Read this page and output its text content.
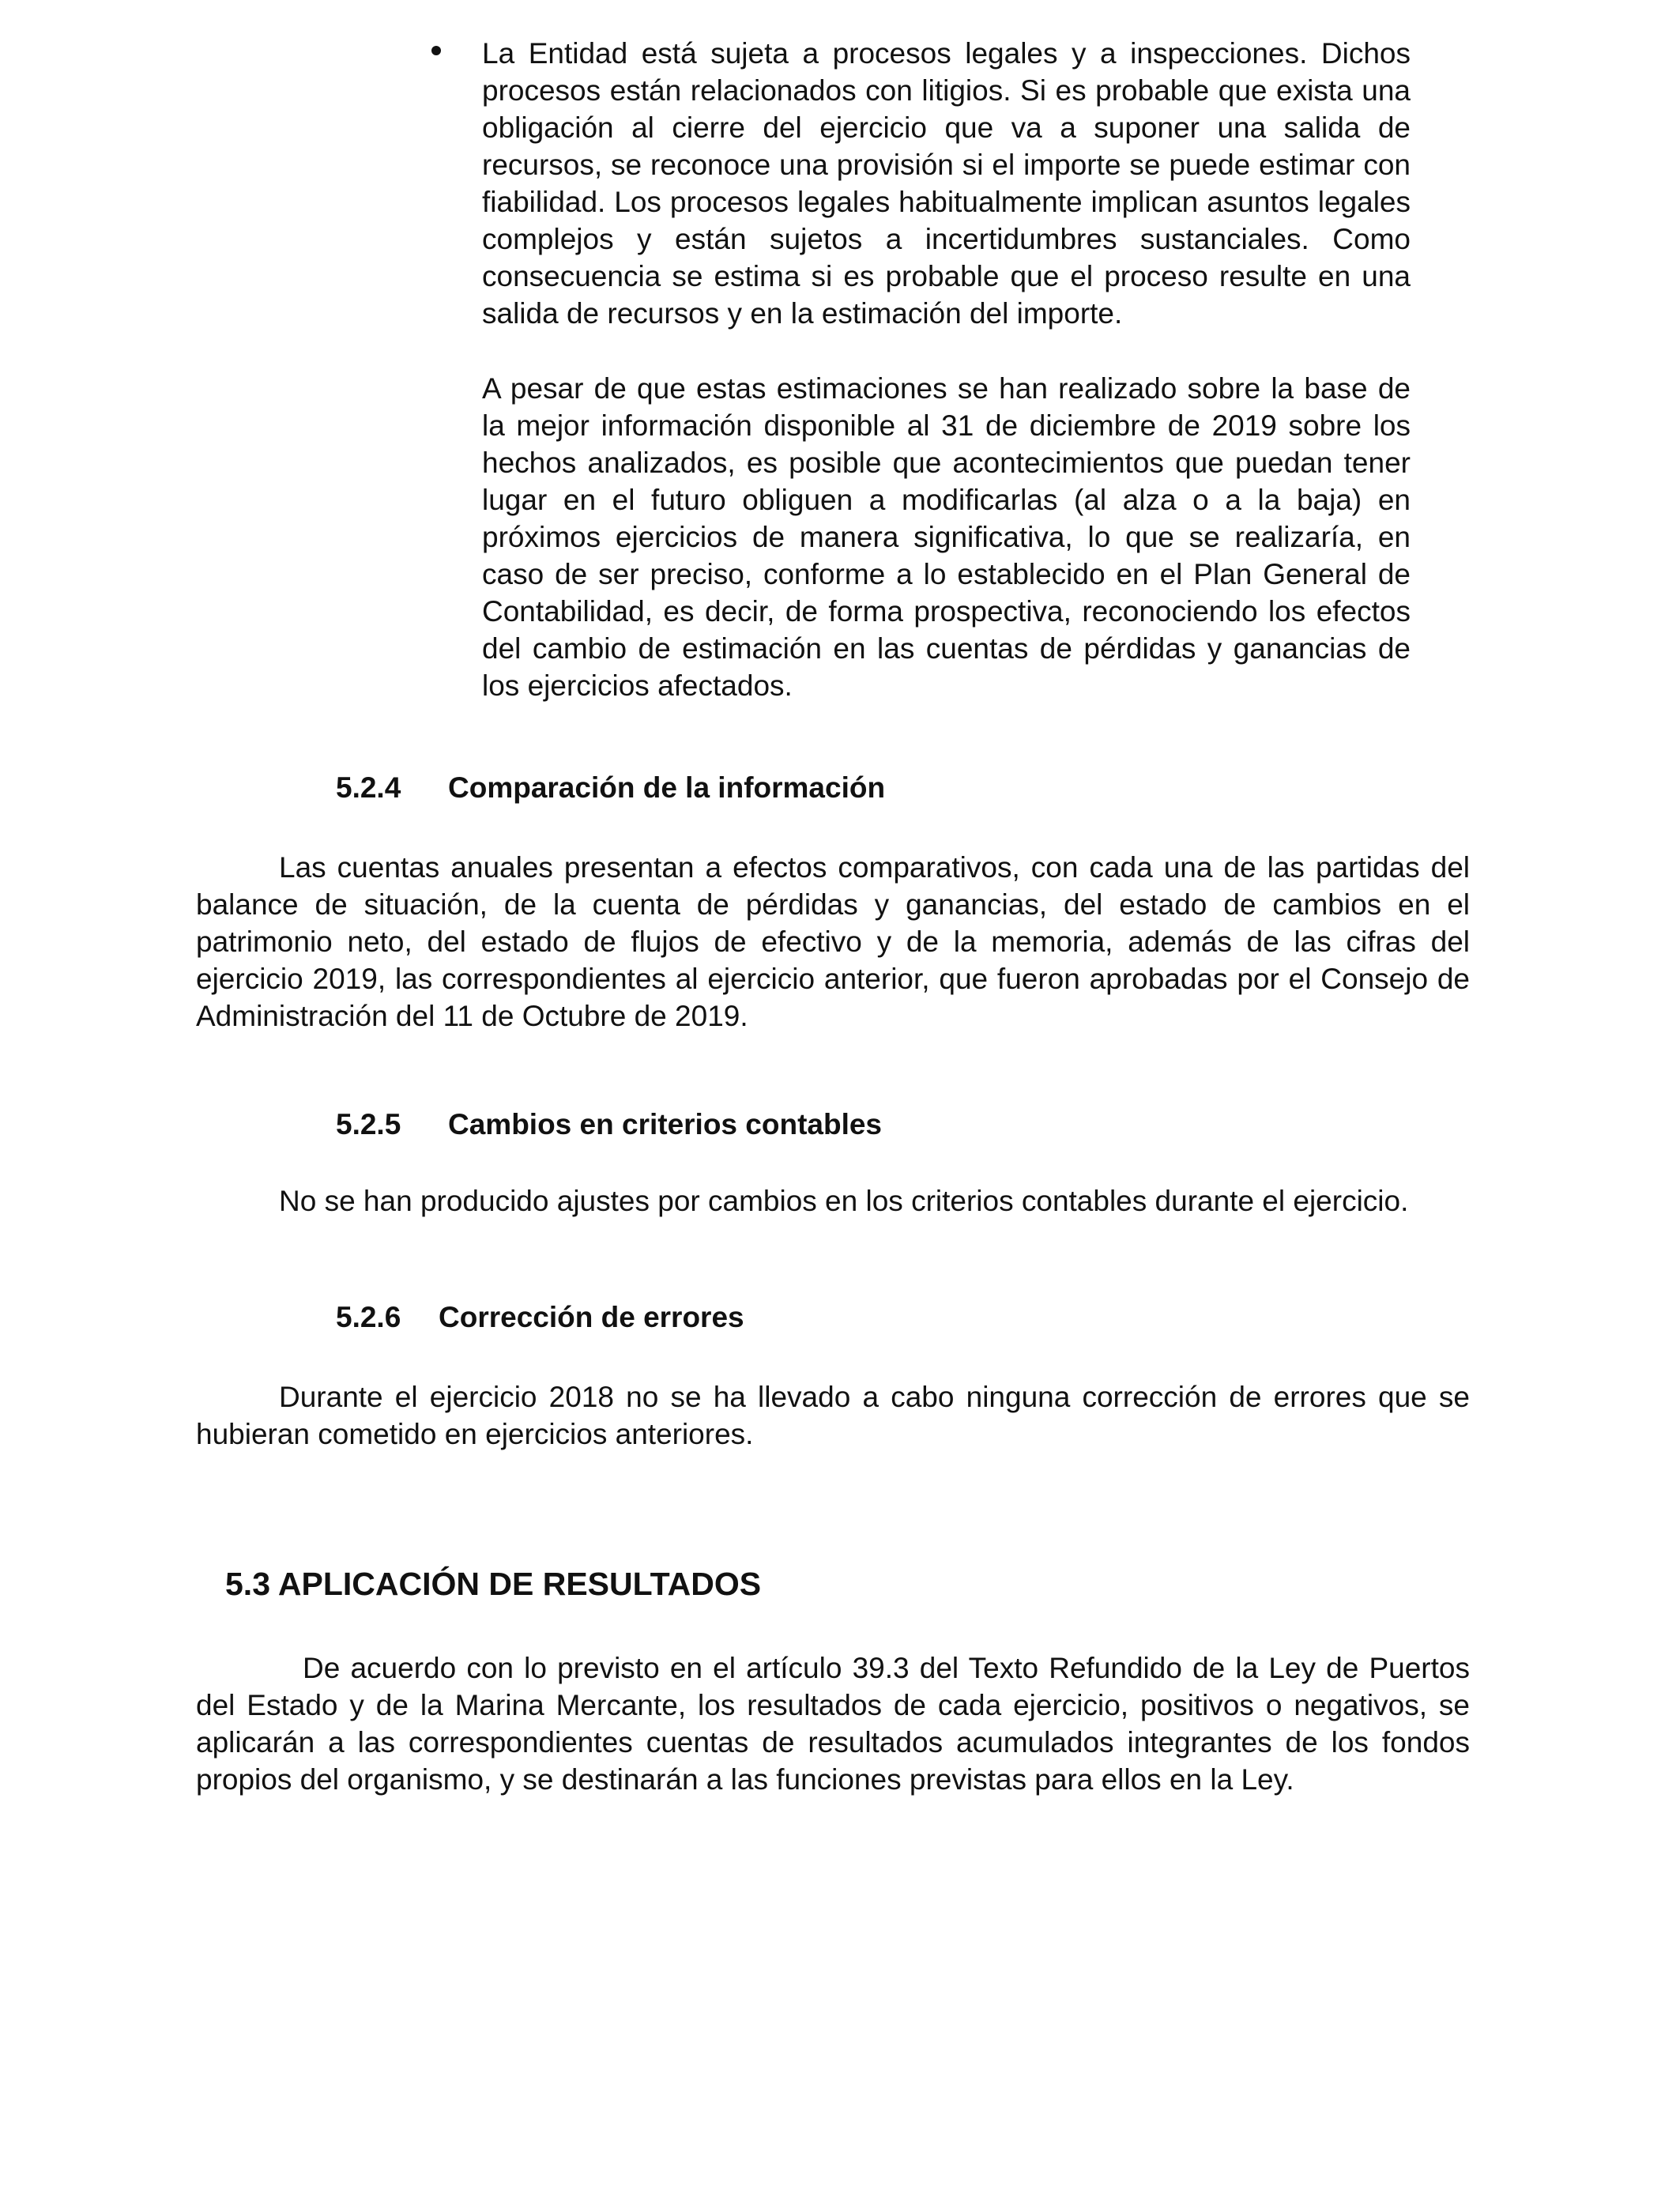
La Entidad está sujeta a procesos legales y a inspecciones. Dichos procesos están relacionados con litigios. Si es probable que exista una obligación al cierre del ejercicio que va a suponer una salida de recursos, se reconoce una provisión si el importe se puede estimar con fiabilidad. Los procesos legales habitualmente implican asuntos legales complejos y están sujetos a incertidumbres sustanciales. Como consecuencia se estima si es probable que el proceso resulte en una salida de recursos y en la estimación del importe.

A pesar de que estas estimaciones se han realizado sobre la base de la mejor información disponible al 31 de diciembre de 2019 sobre los hechos analizados, es posible que acontecimientos que puedan tener lugar en el futuro obliguen a modificarlas (al alza o a la baja) en próximos ejercicios de manera significativa, lo que se realizaría, en caso de ser preciso, conforme a lo establecido en el Plan General de Contabilidad, es decir, de forma prospectiva, reconociendo los efectos del cambio de estimación en las cuentas de pérdidas y ganancias de los ejercicios afectados.

5.2.4 Comparación de la información

Las cuentas anuales presentan a efectos comparativos, con cada una de las partidas del balance de situación, de la cuenta de pérdidas y ganancias, del estado de cambios en el patrimonio neto, del estado de flujos de efectivo y de la memoria, además de las cifras del ejercicio 2019, las correspondientes al ejercicio anterior, que fueron aprobadas por el Consejo de Administración del 11 de Octubre de 2019.

5.2.5 Cambios en criterios contables

No se han producido ajustes por cambios en los criterios contables durante el ejercicio.

5.2.6 Corrección de errores

Durante el ejercicio 2018 no se ha llevado a cabo ninguna corrección de errores que se hubieran cometido en ejercicios anteriores.

5.3 APLICACIÓN DE RESULTADOS

De acuerdo con lo previsto en el artículo 39.3 del Texto Refundido de la Ley de Puertos del Estado y de la Marina Mercante, los resultados de cada ejercicio, positivos o negativos, se aplicarán a las correspondientes cuentas de resultados acumulados integrantes de los fondos propios del organismo, y se destinarán a las funciones previstas para ellos en la Ley.
